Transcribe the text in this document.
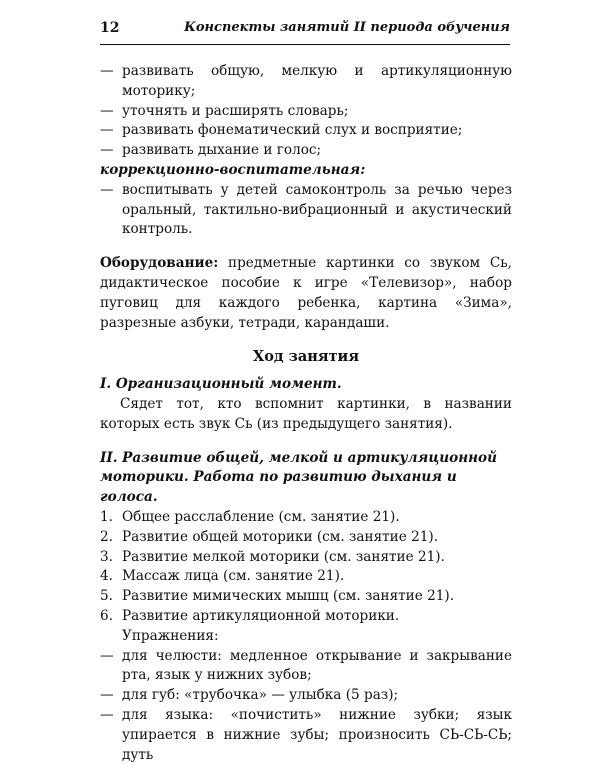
12	Конспекты занятий II периода обучения
— развивать общую, мелкую и артикуляционную моторику;
— уточнять и расширять словарь;
— развивать фонематический слух и восприятие;
— развивать дыхание и голос;
коррекционно-воспитательная:
— воспитывать у детей самоконтроль за речью через оральный, тактильно-вибрационный и акустический контроль.
Оборудование: предметные картинки со звуком Сь, дидактическое пособие к игре «Телевизор», набор пуговиц для каждого ребенка, картина «Зима», разрезные азбуки, тетради, карандаши.
Ход занятия
I. Организационный момент.
Сядет тот, кто вспомнит картинки, в названии которых есть звук Сь (из предыдущего занятия).
II. Развитие общей, мелкой и артикуляционной моторики. Работа по развитию дыхания и голоса.
1. Общее расслабление (см. занятие 21).
2. Развитие общей моторики (см. занятие 21).
3. Развитие мелкой моторики (см. занятие 21).
4. Массаж лица (см. занятие 21).
5. Развитие мимических мышц (см. занятие 21).
6. Развитие артикуляционной моторики.
Упражнения:
— для челюсти: медленное открывание и закрывание рта, язык у нижних зубов;
— для губ: «трубочка» — улыбка (5 раз);
— для языка: «почистить» нижние зубки; язык упирается в нижние зубы; произносить СЬ-СЬ-СЬ; дуть
